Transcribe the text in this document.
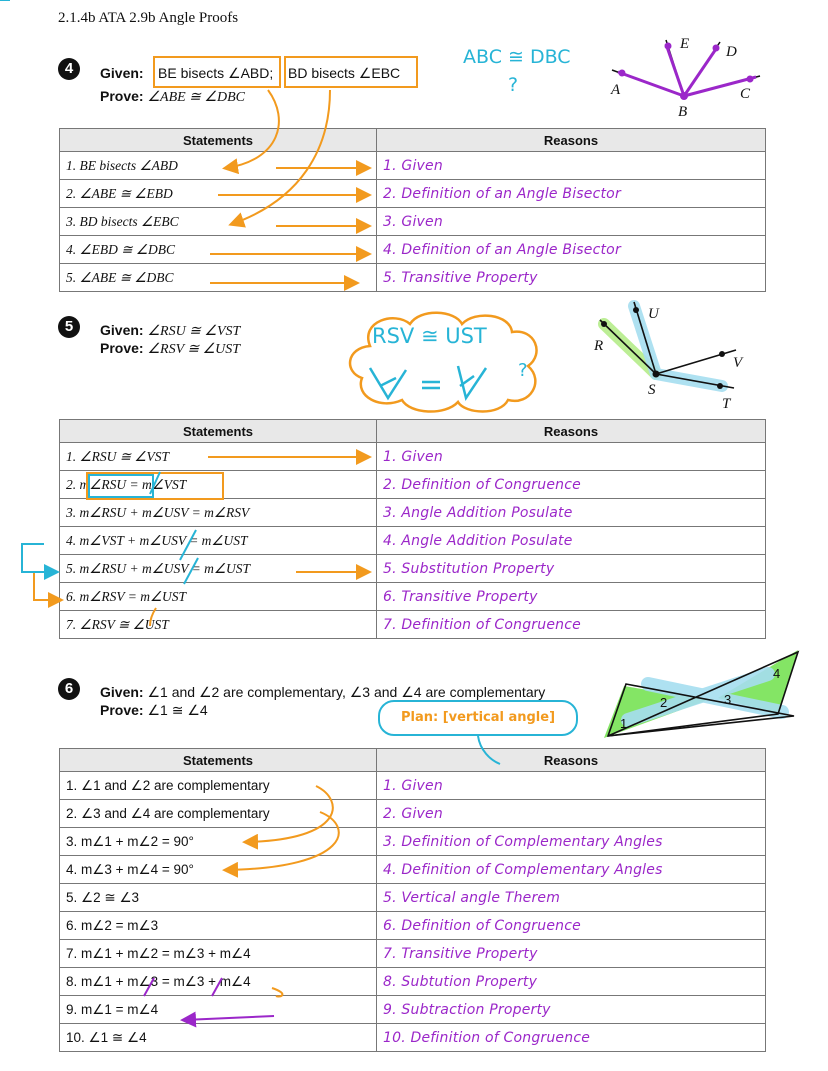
2.1.4b ATA 2.9b Angle Proofs
4	Given: BE bisects ∠ABD; BD bisects ∠EBC
Prove: ∠ABE ≅ ∠DBC
ABC ≅ DBC
?
E D
A	C
B
Statements	Reasons
1. BE bisects ∠ABD	1. Given
2. ∠ABE ≅ ∠EBD	2. Definition of an Angle Bisector
3. BD bisects ∠EBC	3. Given
4. ∠EBD ≅ ∠DBC	4. Definition of an Angle Bisector
5. ∠ABE ≅ ∠DBC	5. Transitive Property
5	Given: ∠RSU ≅ ∠VST
Prove: ∠RSV ≅ ∠UST
RSV ≅ UST
?
U
R
V
S
T
Statements	Reasons
1. ∠RSU ≅ ∠VST	1. Given
2. m∠RSU = m∠VST	2. Definition of Congruence
3. m∠RSU + m∠USV = m∠RSV	3. Angle Addition Posulate
4. m∠VST + m∠USV = m∠UST	4. Angle Addition Posulate
5. m∠RSU + m∠USV = m∠UST	5. Substitution Property
6. m∠RSV = m∠UST	6. Transitive Property
7. ∠RSV ≅ ∠UST	7. Definition of Congruence
6	Given: ∠1 and ∠2 are complementary, ∠3 and ∠4 are complementary
Prove: ∠1 ≅ ∠4	Plan: [vertical angle]	1
2	3
4
Statements	Reasons
1. ∠1 and ∠2 are complementary	1. Given
2. ∠3 and ∠4 are complementary	2. Given
3. m∠1 + m∠2 = 90°	3. Definition of Complementary Angles
4. m∠3 + m∠4 = 90°	4. Definition of Complementary Angles
5. ∠2 ≅ ∠3	5. Vertical angle Therem
6. m∠2 = m∠3	6. Definition of Congruence
7. m∠1 + m∠2 = m∠3 + m∠4	7. Transitive Property
8. m∠1 + m∠3 = m∠3 + m∠4	8. Subtution Property
9. m∠1 = m∠4	9. Subtraction Property
10. ∠1 ≅ ∠4	10. Definition of Congruence
